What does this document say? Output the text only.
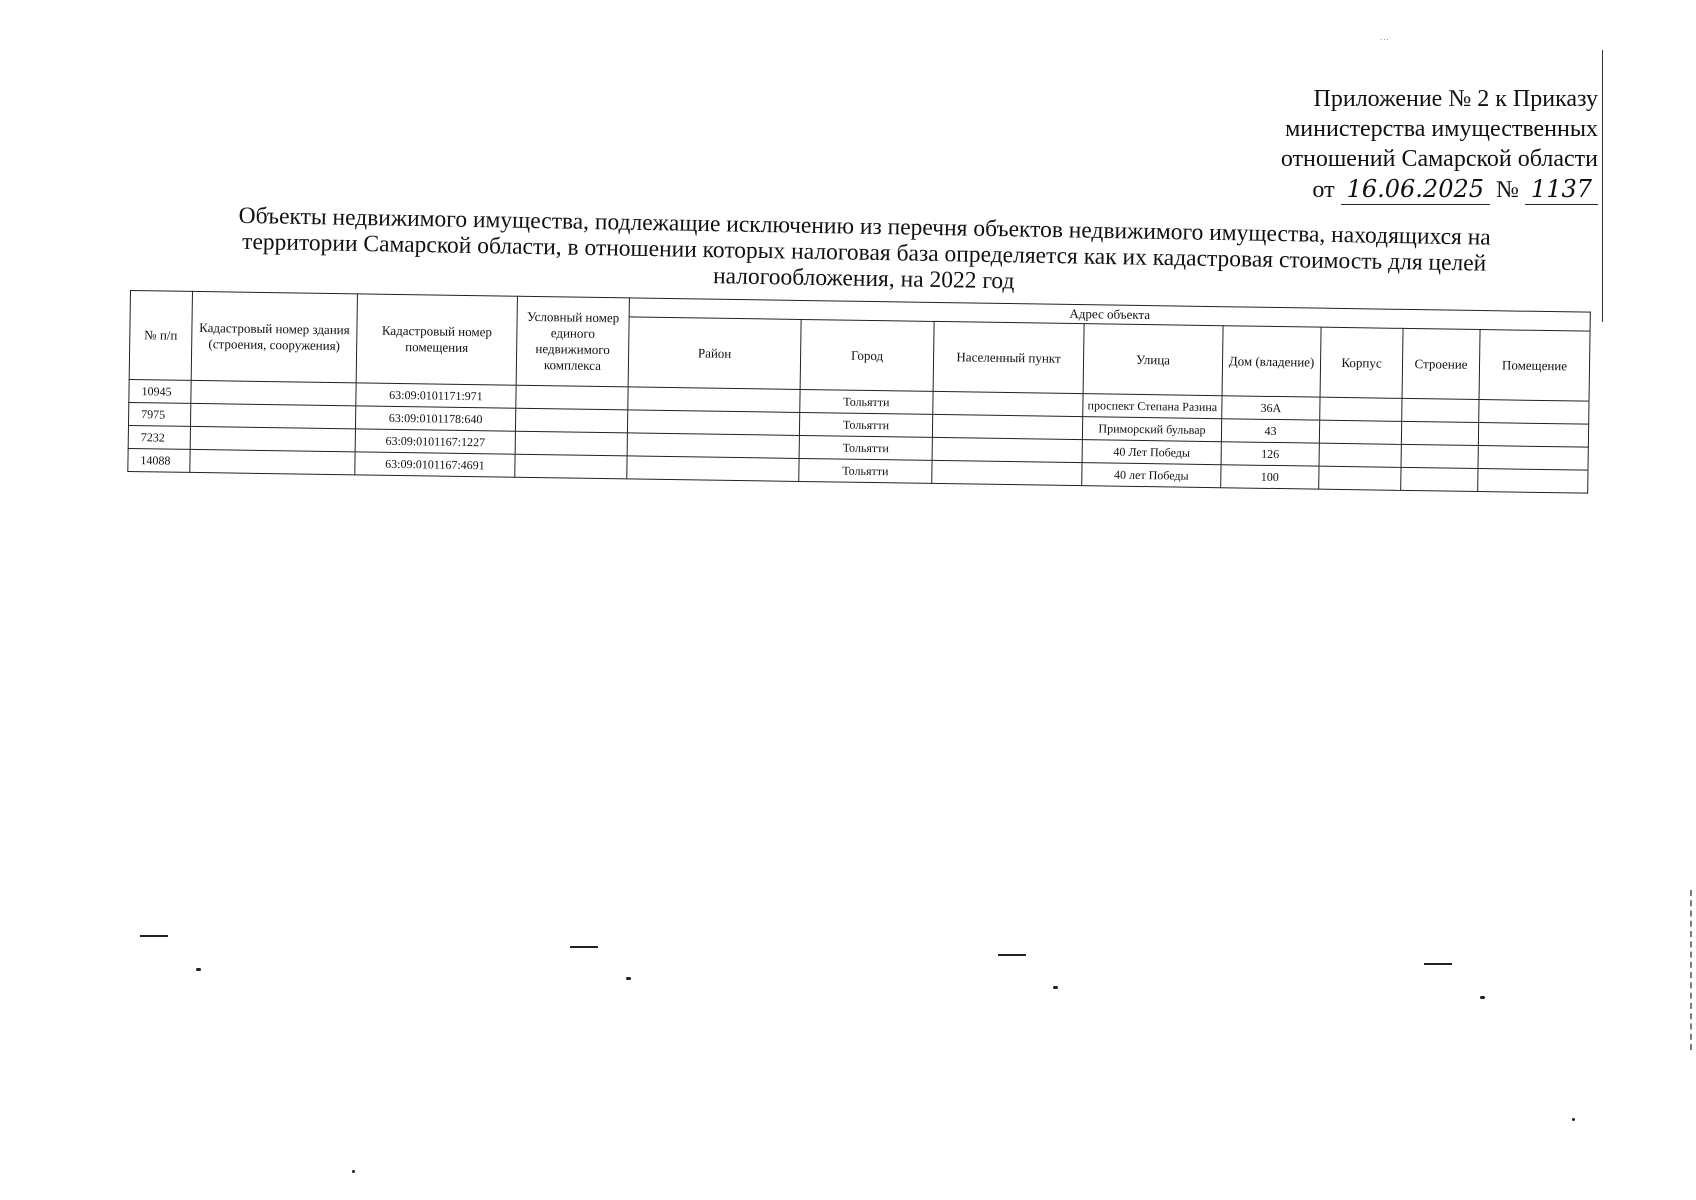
...
Приложение № 2 к Приказу
министерства имущественных
отношений Самарской области
от 16.06.2025 № 1137
Объекты недвижимого имущества, подлежащие исключению из перечня объектов недвижимого имущества, находящихся на территории Самарской области, в отношении которых налоговая база определяется как их кадастровая стоимость для целей налогообложения, на 2022 год
№ п/п	Кадастровый номер здания (строения, сооружения)	Кадастровый номер помещения	Условный номер единого недвижимого комплекса	Адрес объекта							
				Район	Город	Населенный пункт	Улица	Дом (владение)	Корпус	Строение	Помещение
10945		63:09:0101171:971			Тольятти		проспект Степана Разина	36А			
7975		63:09:0101178:640			Тольятти		Приморский бульвар	43			
7232		63:09:0101167:1227			Тольятти		40 Лет Победы	126			
14088		63:09:0101167:4691			Тольятти		40 лет Победы	100			
